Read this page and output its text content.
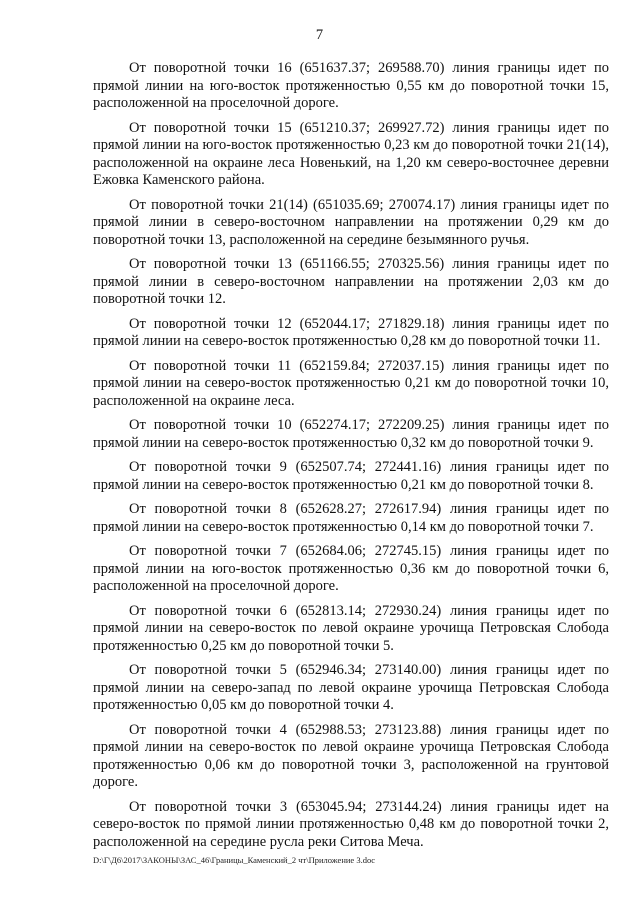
7

От поворотной точки 16 (651637.37; 269588.70) линия границы идет по прямой линии на юго-восток протяженностью 0,55 км до поворотной точки 15, расположенной на проселочной дороге.

От поворотной точки 15 (651210.37; 269927.72) линия границы идет по прямой линии на юго-восток протяженностью 0,23 км до поворотной точки 21(14), расположенной на окраине леса Новенький, на 1,20 км северо-восточнее деревни Ежовка Каменского района.

От поворотной точки 21(14) (651035.69; 270074.17) линия границы идет по прямой линии в северо-восточном направлении на протяжении 0,29 км до поворотной точки 13, расположенной на середине безымянного ручья.

От поворотной точки 13 (651166.55; 270325.56) линия границы идет по прямой линии в северо-восточном направлении на протяжении 2,03 км до поворотной точки 12.

От поворотной точки 12 (652044.17; 271829.18) линия границы идет по прямой линии на северо-восток протяженностью 0,28 км до поворотной точки 11.

От поворотной точки 11 (652159.84; 272037.15) линия границы идет по прямой линии на северо-восток протяженностью 0,21 км до поворотной точки 10, расположенной на окраине леса.

От поворотной точки 10 (652274.17; 272209.25) линия границы идет по прямой линии на северо-восток протяженностью 0,32 км до поворотной точки 9.

От поворотной точки 9 (652507.74; 272441.16) линия границы идет по прямой линии на северо-восток протяженностью 0,21 км до поворотной точки 8.

От поворотной точки 8 (652628.27; 272617.94) линия границы идет по прямой линии на северо-восток протяженностью 0,14 км до поворотной точки 7.

От поворотной точки 7 (652684.06; 272745.15) линия границы идет по прямой линии на юго-восток протяженностью 0,36 км до поворотной точки 6, расположенной на проселочной дороге.

От поворотной точки 6 (652813.14; 272930.24) линия границы идет по прямой линии на северо-восток по левой окраине урочища Петровская Слобода протяженностью 0,25 км до поворотной точки 5.

От поворотной точки 5 (652946.34; 273140.00) линия границы идет по прямой линии на северо-запад по левой окраине урочища Петровская Слобода протяженностью 0,05 км до поворотной точки 4.

От поворотной точки 4 (652988.53; 273123.88) линия границы идет по прямой линии на северо-восток по левой окраине урочища Петровская Слобода протяженностью 0,06 км до поворотной точки 3, расположенной на грунтовой дороге.

От поворотной точки 3 (653045.94; 273144.24) линия границы идет на северо-восток по прямой линии протяженностью 0,48 км до поворотной точки 2, расположенной на середине русла реки Ситова Меча.

D:\Г\Д6\2017\ЗАКОНЫ\ЗАС_46\Границы_Каменский_2 чт\Приложение 3.doc
